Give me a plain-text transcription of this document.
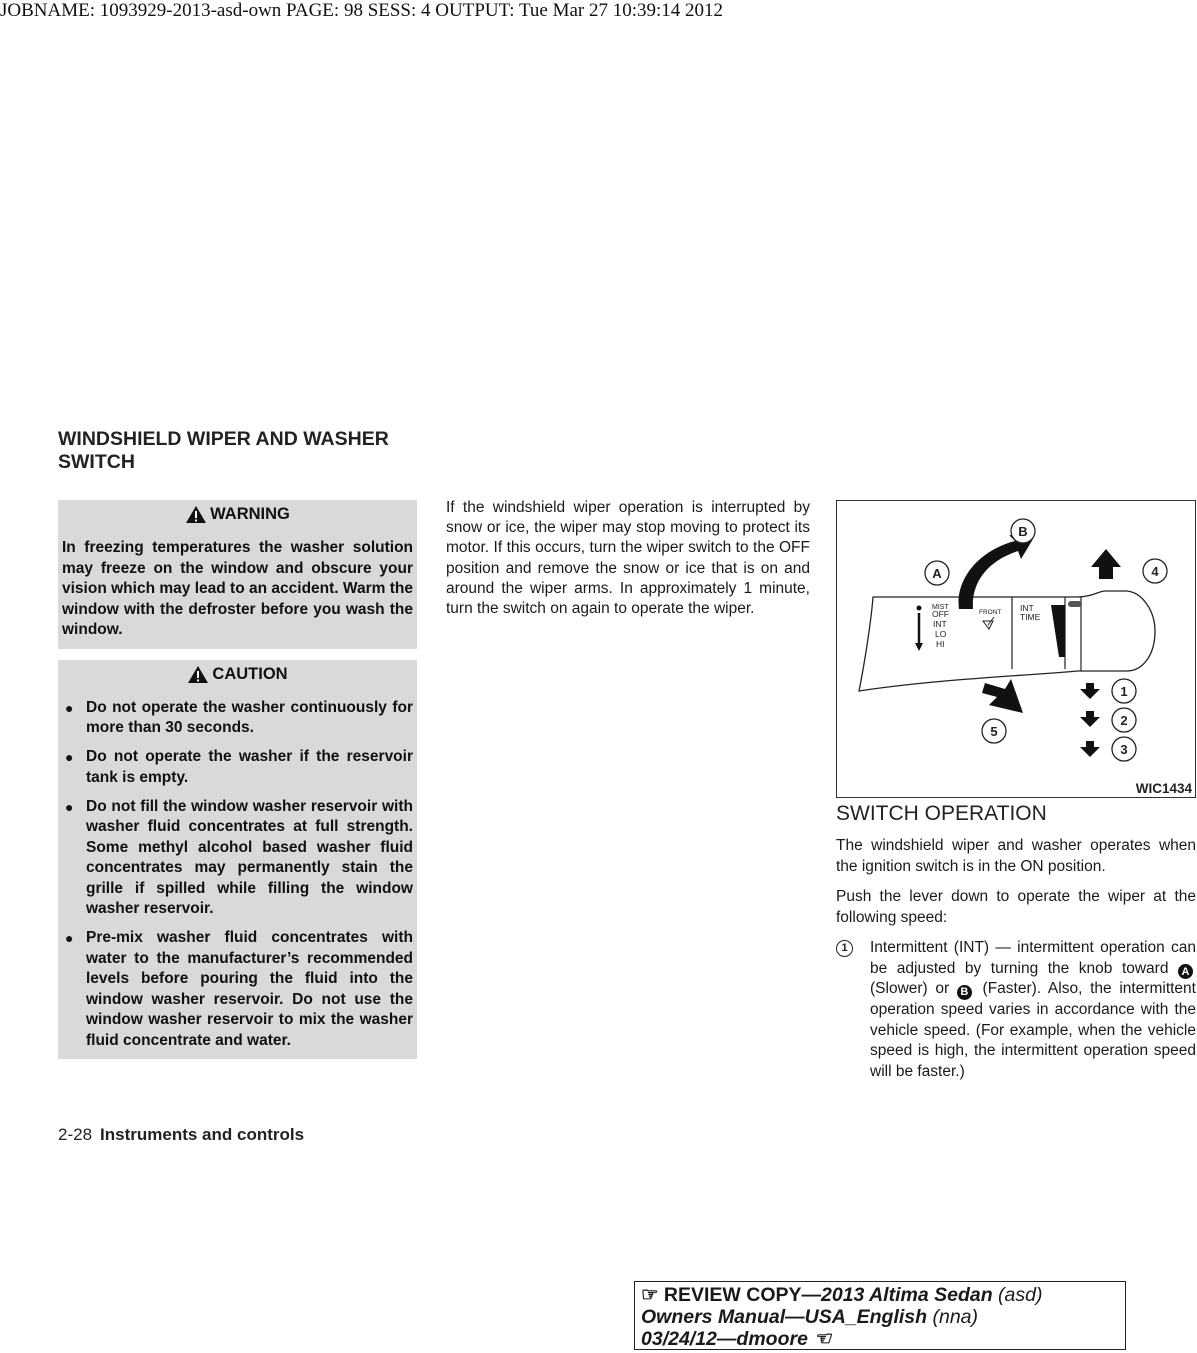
JOBNAME: 1093929-2013-asd-own PAGE: 98 SESS: 4 OUTPUT: Tue Mar 27 10:39:14 2012
WINDSHIELD WIPER AND WASHER SWITCH
WARNING
In freezing temperatures the washer solution may freeze on the window and obscure your vision which may lead to an accident. Warm the window with the defroster before you wash the window.
CAUTION
● Do not operate the washer continuously for more than 30 seconds.
● Do not operate the washer if the reservoir tank is empty.
● Do not fill the window washer reservoir with washer fluid concentrates at full strength. Some methyl alcohol based washer fluid concentrates may permanently stain the grille if spilled while filling the window washer reservoir.
● Pre-mix washer fluid concentrates with water to the manufacturer’s recommended levels before pouring the fluid into the window washer reservoir. Do not use the window washer reservoir to mix the washer fluid concentrate and water.
If the windshield wiper operation is interrupted by snow or ice, the wiper may stop moving to protect its motor. If this occurs, turn the wiper switch to the OFF position and remove the snow or ice that is on and around the wiper arms. In approximately 1 minute, turn the switch on again to operate the wiper.	MIST
OFF
INT
LO
HI
FRONT INT
TIME
A
B
4
5
1
2
3
WIC1434
SWITCH OPERATION

The windshield wiper and washer operates when the ignition switch is in the ON position.

Push the lever down to operate the wiper at the following speed:

1	Intermittent (INT) — intermittent operation can be adjusted by turning the knob toward A (Slower) or B (Faster). Also, the intermittent operation speed varies in accordance with the vehicle speed. (For example, when the vehicle speed is high, the intermittent operation speed will be faster.)
2-28 Instruments and controls
☞ REVIEW COPY—2013 Altima Sedan (asd)
Owners Manual—USA_English (nna)
03/24/12—dmoore ☜
